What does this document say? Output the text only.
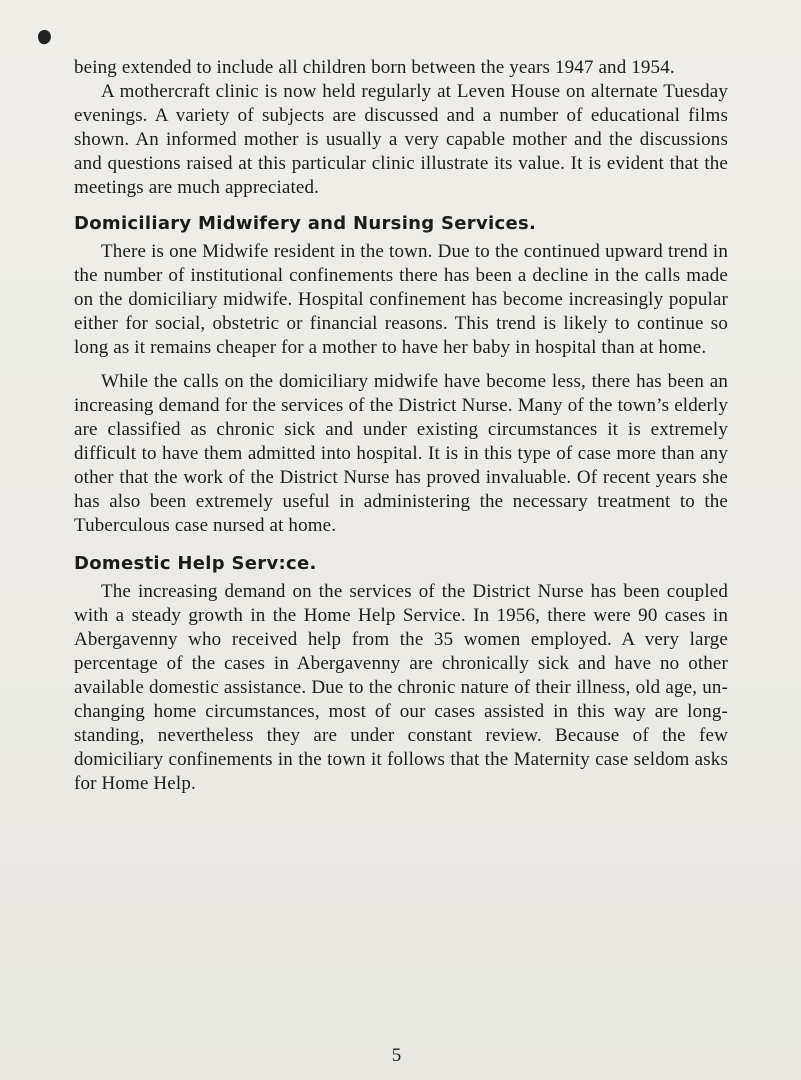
being extended to include all children born between the years 1947 and 1954.

A mothercraft clinic is now held regularly at Leven House on alternate Tuesday evenings. A variety of subjects are discussed and a number of educational films shown. An informed mother is usually a very capable mother and the discussions and questions raised at this particular clinic illustrate its value. It is evident that the meetings are much appreciated.

Domiciliary Midwifery and Nursing Services.

There is one Midwife resident in the town. Due to the continued upward trend in the number of institutional confinements there has been a decline in the calls made on the domiciliary midwife. Hospital confinement has become increasingly popular either for social, obstetric or financial reasons. This trend is likely to continue so long as it remains cheaper for a mother to have her baby in hospital than at home.

While the calls on the domiciliary midwife have become less, there has been an increasing demand for the services of the District Nurse. Many of the town’s elderly are classified as chronic sick and under existing circumstances it is extremely difficult to have them admitted into hospital. It is in this type of case more than any other that the work of the District Nurse has proved invaluable. Of recent years she has also been extremely useful in administering the necessary treatment to the Tuberculous case nursed at home.

Domestic Help Serv:ce.

The increasing demand on the services of the District Nurse has been coupled with a steady growth in the Home Help Service. In 1956, there were 90 cases in Abergavenny who received help from the 35 women employed. A very large percentage of the cases in Abergavenny are chronically sick and have no other available domestic assistance. Due to the chronic nature of their illness, old age, un-changing home circumstances, most of our cases assisted in this way are long-standing, nevertheless they are under constant review. Because of the few domiciliary confinements in the town it follows that the Maternity case seldom asks for Home Help.

5
